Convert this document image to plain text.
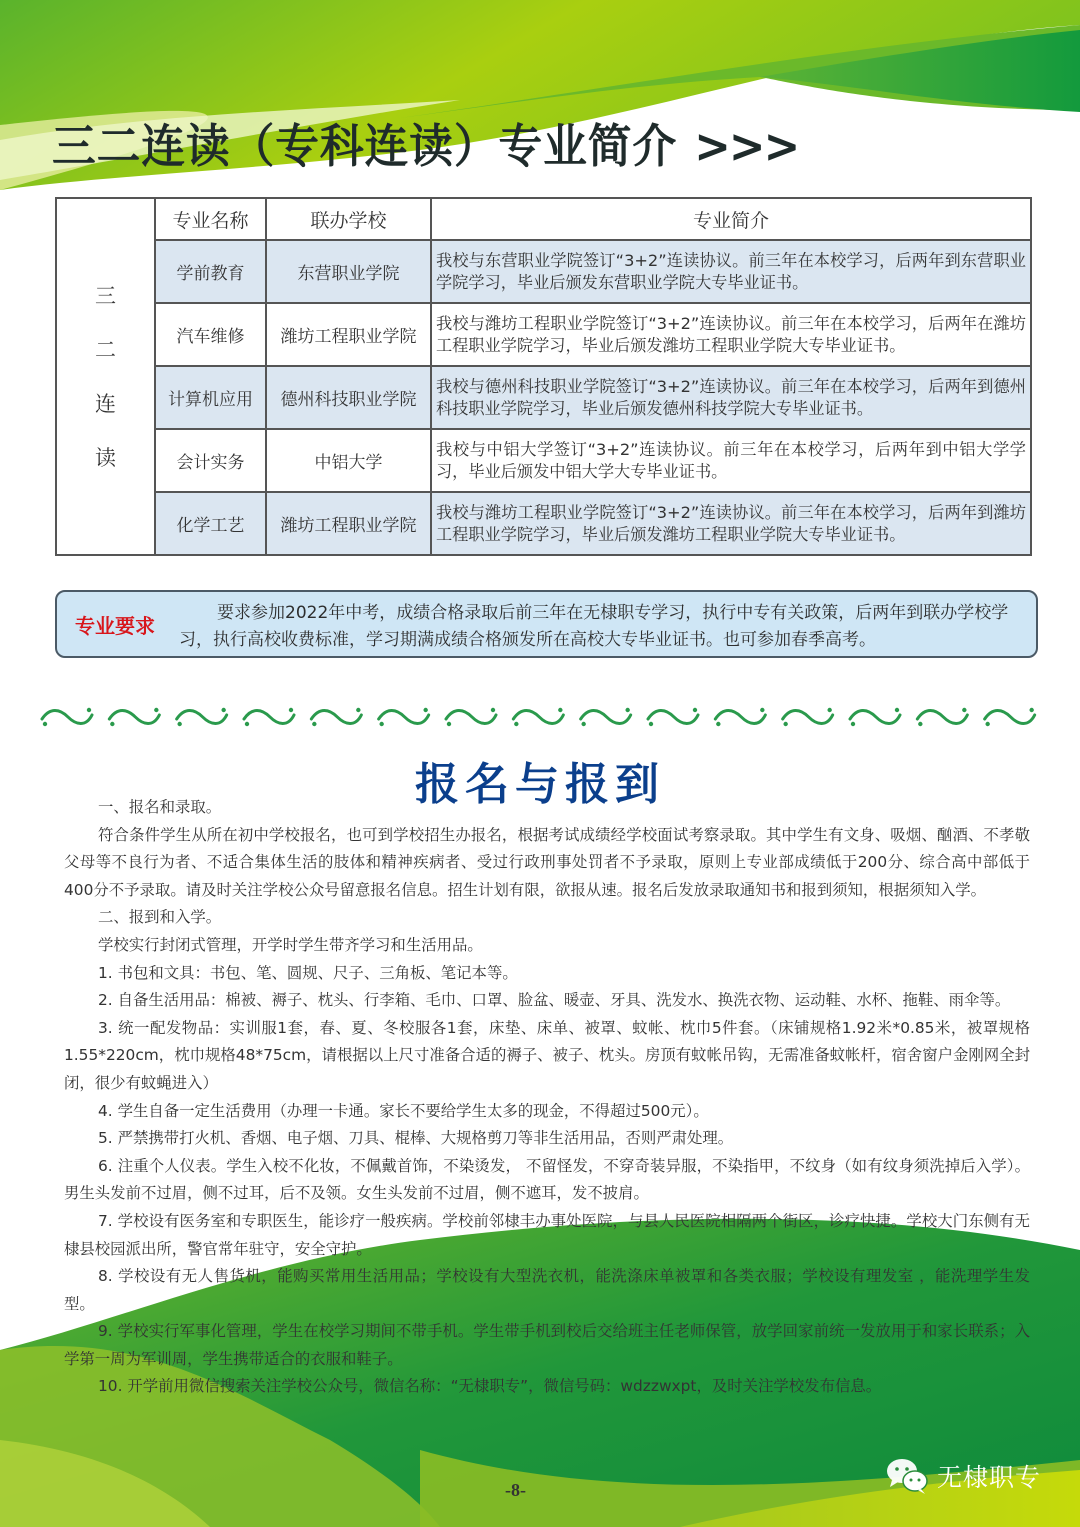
三二连读（专科连读）专业简介 >>>
三
二
连
读	专业名称	联办学校	专业简介
	学前教育	东营职业学院	我校与东营职业学院签订“3+2”连读协议。前三年在本校学习，后两年到东营职业学院学习，毕业后颁发东营职业学院大专毕业证书。
	汽车维修	潍坊工程职业学院	我校与潍坊工程职业学院签订“3+2”连读协议。前三年在本校学习，后两年在潍坊工程职业学院学习，毕业后颁发潍坊工程职业学院大专毕业证书。
	计算机应用	德州科技职业学院	我校与德州科技职业学院签订“3+2”连读协议。前三年在本校学习，后两年到德州科技职业学院学习，毕业后颁发德州科技学院大专毕业证书。
	会计实务	中铝大学	我校与中铝大学签订“3+2”连读协议。前三年在本校学习，后两年到中铝大学学习，毕业后颁发中铝大学大专毕业证书。
	化学工艺	潍坊工程职业学院	我校与潍坊工程职业学院签订“3+2”连读协议。前三年在本校学习，后两年到潍坊工程职业学院学习，毕业后颁发潍坊工程职业学院大专毕业证书。
专业要求
要求参加2022年中考，成绩合格录取后前三年在无棣职专学习，执行中专有关政策，后两年到联办学校学习，执行高校收费标准，学习期满成绩合格颁发所在高校大专毕业证书。也可参加春季高考。
报名与报到

一、报名和录取。

符合条件学生从所在初中学校报名，也可到学校招生办报名，根据考试成绩经学校面试考察录取。其中学生有文身、吸烟、酗酒、不孝敬父母等不良行为者、不适合集体生活的肢体和精神疾病者、受过行政刑事处罚者不予录取，原则上专业部成绩低于200分、综合高中部低于400分不予录取。请及时关注学校公众号留意报名信息。招生计划有限，欲报从速。报名后发放录取通知书和报到须知，根据须知入学。

二、报到和入学。

学校实行封闭式管理，开学时学生带齐学习和生活用品。

1. 书包和文具：书包、笔、圆规、尺子、三角板、笔记本等。

2. 自备生活用品：棉被、褥子、枕头、行李箱、毛巾、口罩、脸盆、暖壶、牙具、洗发水、换洗衣物、运动鞋、水杯、拖鞋、雨伞等。

3. 统一配发物品：实训服1套，春、夏、冬校服各1套，床垫、床单、被罩、蚊帐、枕巾5件套。（床铺规格1.92米*0.85米，被罩规格1.55*220cm，枕巾规格48*75cm，请根据以上尺寸准备合适的褥子、被子、枕头。房顶有蚊帐吊钩，无需准备蚊帐杆，宿舍窗户金刚网全封闭，很少有蚊蝇进入）

4. 学生自备一定生活费用（办理一卡通。家长不要给学生太多的现金，不得超过500元）。

5. 严禁携带打火机、香烟、电子烟、刀具、棍棒、大规格剪刀等非生活用品，否则严肃处理。

6. 注重个人仪表。学生入校不化妆，不佩戴首饰，不染烫发， 不留怪发，不穿奇装异服，不染指甲，不纹身（如有纹身须洗掉后入学）。男生头发前不过眉，侧不过耳，后不及领。女生头发前不过眉，侧不遮耳，发不披肩。

7. 学校设有医务室和专职医生，能诊疗一般疾病。学校前邻棣丰办事处医院，与县人民医院相隔两个街区，诊疗快捷。学校大门东侧有无棣县校园派出所，警官常年驻守，安全守护。

8. 学校设有无人售货机，能购买常用生活用品；学校设有大型洗衣机，能洗涤床单被罩和各类衣服；学校设有理发室 ，能洗理学生发型。

9. 学校实行军事化管理，学生在校学习期间不带手机。学生带手机到校后交给班主任老师保管，放学回家前统一发放用于和家长联系；入学第一周为军训周，学生携带适合的衣服和鞋子。

10. 开学前用微信搜索关注学校公众号，微信名称：“无棣职专”，微信号码：wdzzwxpt，及时关注学校发布信息。

-8-	无棣职专
